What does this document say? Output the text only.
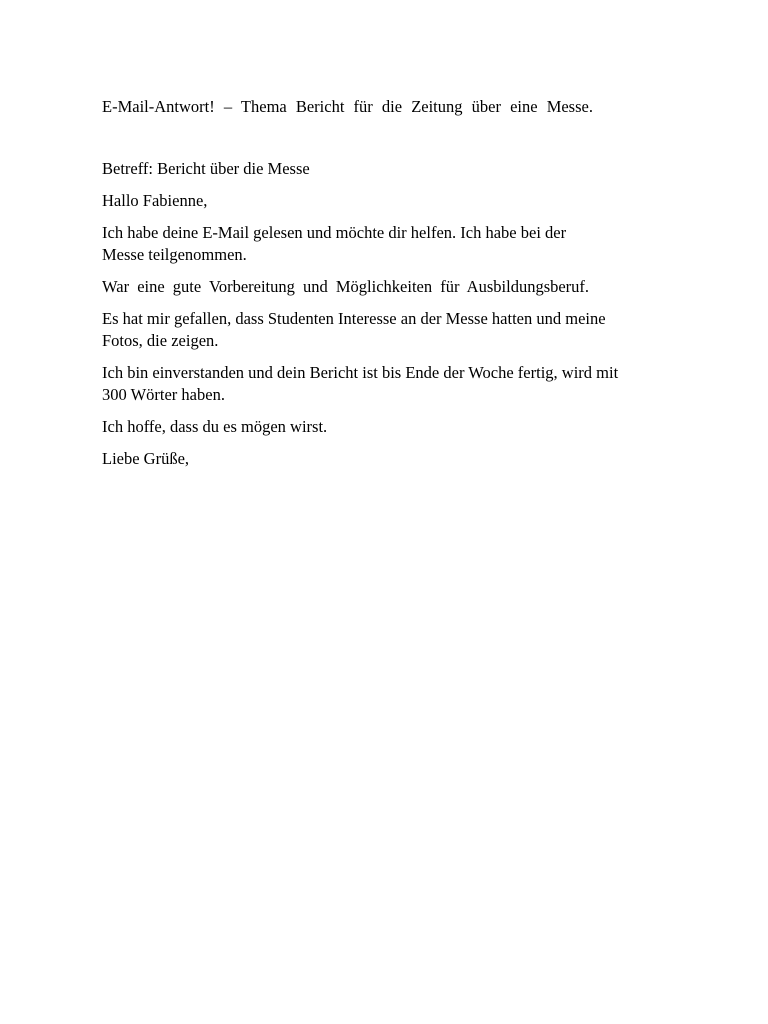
E-Mail-Antwort! – Thema Bericht für die Zeitung über eine Messe.

Betreff: Bericht über die Messe

Hallo Fabienne,

Ich habe deine E-Mail gelesen und möchte dir helfen. Ich habe bei der
Messe teilgenommen.

War eine gute Vorbereitung und Möglichkeiten für Ausbildungsberuf.

Es hat mir gefallen, dass Studenten Interesse an der Messe hatten und meine
Fotos, die zeigen.

Ich bin einverstanden und dein Bericht ist bis Ende der Woche fertig, wird mit
300 Wörter haben.

Ich hoffe, dass du es mögen wirst.

Liebe Grüße,
